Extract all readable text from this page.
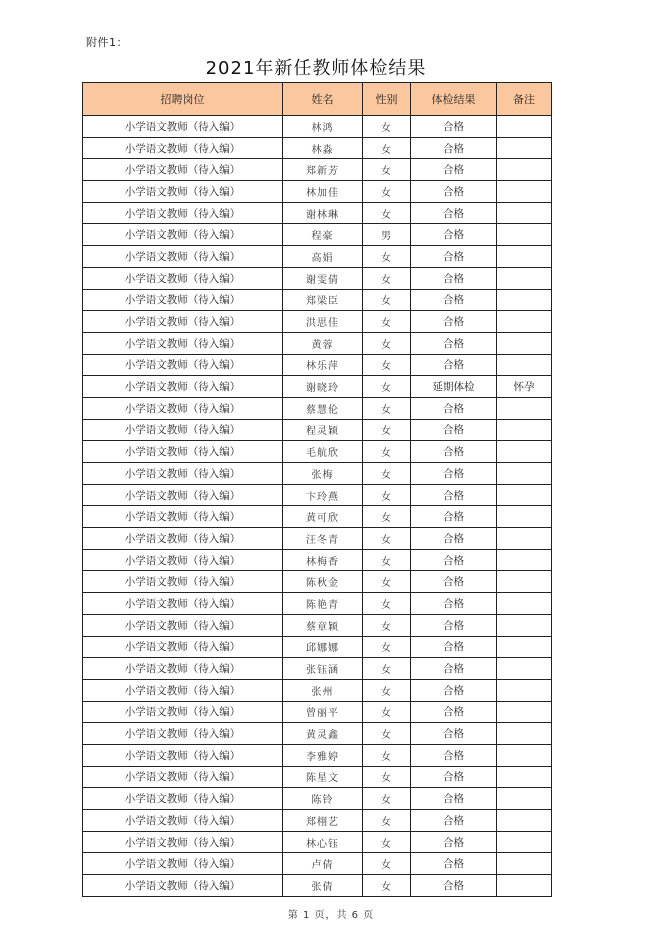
附件1：
2021年新任教师体检结果
招聘岗位	姓名	性别	体检结果	备注
小学语文教师（待入编）	林鸿	女	合格	
小学语文教师（待入编）	林淼	女	合格	
小学语文教师（待入编）	郑新芳	女	合格	
小学语文教师（待入编）	林加佳	女	合格	
小学语文教师（待入编）	谢林琳	女	合格	
小学语文教师（待入编）	程豪	男	合格	
小学语文教师（待入编）	高娟	女	合格	
小学语文教师（待入编）	谢雯倩	女	合格	
小学语文教师（待入编）	郑梁臣	女	合格	
小学语文教师（待入编）	洪思佳	女	合格	
小学语文教师（待入编）	黄蓉	女	合格	
小学语文教师（待入编）	林乐萍	女	合格	
小学语文教师（待入编）	谢晓玲	女	延期体检	怀孕
小学语文教师（待入编）	蔡慧伦	女	合格	
小学语文教师（待入编）	程灵颖	女	合格	
小学语文教师（待入编）	毛航欣	女	合格	
小学语文教师（待入编）	张梅	女	合格	
小学语文教师（待入编）	卞玲燕	女	合格	
小学语文教师（待入编）	黄可欣	女	合格	
小学语文教师（待入编）	汪冬青	女	合格	
小学语文教师（待入编）	林梅香	女	合格	
小学语文教师（待入编）	陈秋金	女	合格	
小学语文教师（待入编）	陈艳青	女	合格	
小学语文教师（待入编）	蔡章颖	女	合格	
小学语文教师（待入编）	邱娜娜	女	合格	
小学语文教师（待入编）	张钰涵	女	合格	
小学语文教师（待入编）	张州	女	合格	
小学语文教师（待入编）	曾丽平	女	合格	
小学语文教师（待入编）	黄灵鑫	女	合格	
小学语文教师（待入编）	李雅婷	女	合格	
小学语文教师（待入编）	陈星文	女	合格	
小学语文教师（待入编）	陈铃	女	合格	
小学语文教师（待入编）	郑栩艺	女	合格	
小学语文教师（待入编）	林心钰	女	合格	
小学语文教师（待入编）	卢倩	女	合格	
小学语文教师（待入编）	张倩	女	合格	
第 1 页，共 6 页
